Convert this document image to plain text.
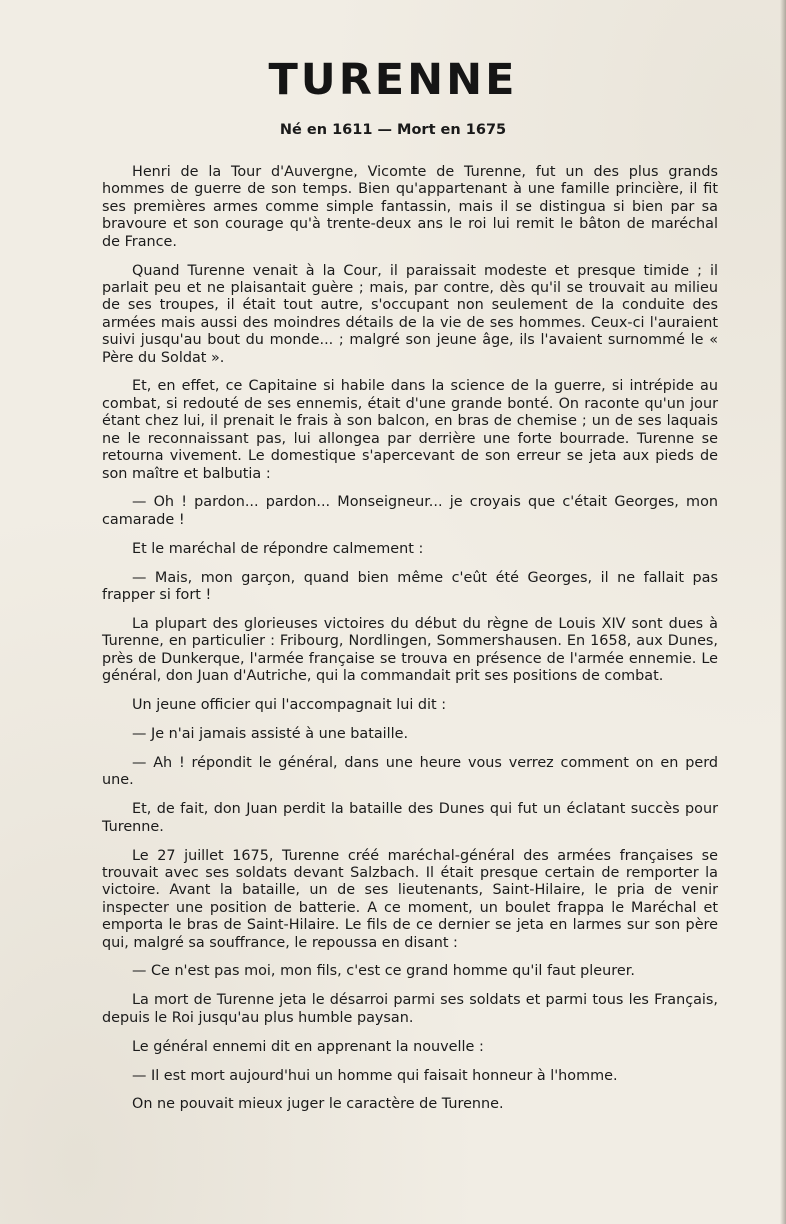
TURENNE
Né en 1611 — Mort en 1675

Henri de la Tour d'Auvergne, Vicomte de Turenne, fut un des plus grands hommes de guerre de son temps. Bien qu'appartenant à une famille princière, il fit ses premières armes comme simple fantassin, mais il se distingua si bien par sa bravoure et son courage qu'à trente-deux ans le roi lui remit le bâton de maréchal de France.

Quand Turenne venait à la Cour, il paraissait modeste et presque timide ; il parlait peu et ne plaisantait guère ; mais, par contre, dès qu'il se trouvait au milieu de ses troupes, il était tout autre, s'occupant non seulement de la conduite des armées mais aussi des moindres détails de la vie de ses hommes. Ceux-ci l'auraient suivi jusqu'au bout du monde... ; malgré son jeune âge, ils l'avaient surnommé le « Père du Soldat ».

Et, en effet, ce Capitaine si habile dans la science de la guerre, si intrépide au combat, si redouté de ses ennemis, était d'une grande bonté. On raconte qu'un jour étant chez lui, il prenait le frais à son balcon, en bras de chemise ; un de ses laquais ne le reconnaissant pas, lui allongea par derrière une forte bourrade. Turenne se retourna vivement. Le domestique s'apercevant de son erreur se jeta aux pieds de son maître et balbutia :

— Oh ! pardon... pardon... Monseigneur... je croyais que c'était Georges, mon camarade !

Et le maréchal de répondre calmement :

— Mais, mon garçon, quand bien même c'eût été Georges, il ne fallait pas frapper si fort !

La plupart des glorieuses victoires du début du règne de Louis XIV sont dues à Turenne, en particulier : Fribourg, Nordlingen, Sommershausen. En 1658, aux Dunes, près de Dunkerque, l'armée française se trouva en présence de l'armée ennemie. Le général, don Juan d'Autriche, qui la commandait prit ses positions de combat.

Un jeune officier qui l'accompagnait lui dit :

— Je n'ai jamais assisté à une bataille.

— Ah ! répondit le général, dans une heure vous verrez comment on en perd une.

Et, de fait, don Juan perdit la bataille des Dunes qui fut un éclatant succès pour Turenne.

Le 27 juillet 1675, Turenne créé maréchal-général des armées françaises se trouvait avec ses soldats devant Salzbach. Il était presque certain de remporter la victoire. Avant la bataille, un de ses lieutenants, Saint-Hilaire, le pria de venir inspecter une position de batterie. A ce moment, un boulet frappa le Maréchal et emporta le bras de Saint-Hilaire. Le fils de ce dernier se jeta en larmes sur son père qui, malgré sa souffrance, le repoussa en disant :

— Ce n'est pas moi, mon fils, c'est ce grand homme qu'il faut pleurer.

La mort de Turenne jeta le désarroi parmi ses soldats et parmi tous les Français, depuis le Roi jusqu'au plus humble paysan.

Le général ennemi dit en apprenant la nouvelle :

— Il est mort aujourd'hui un homme qui faisait honneur à l'homme.

On ne pouvait mieux juger le caractère de Turenne.
